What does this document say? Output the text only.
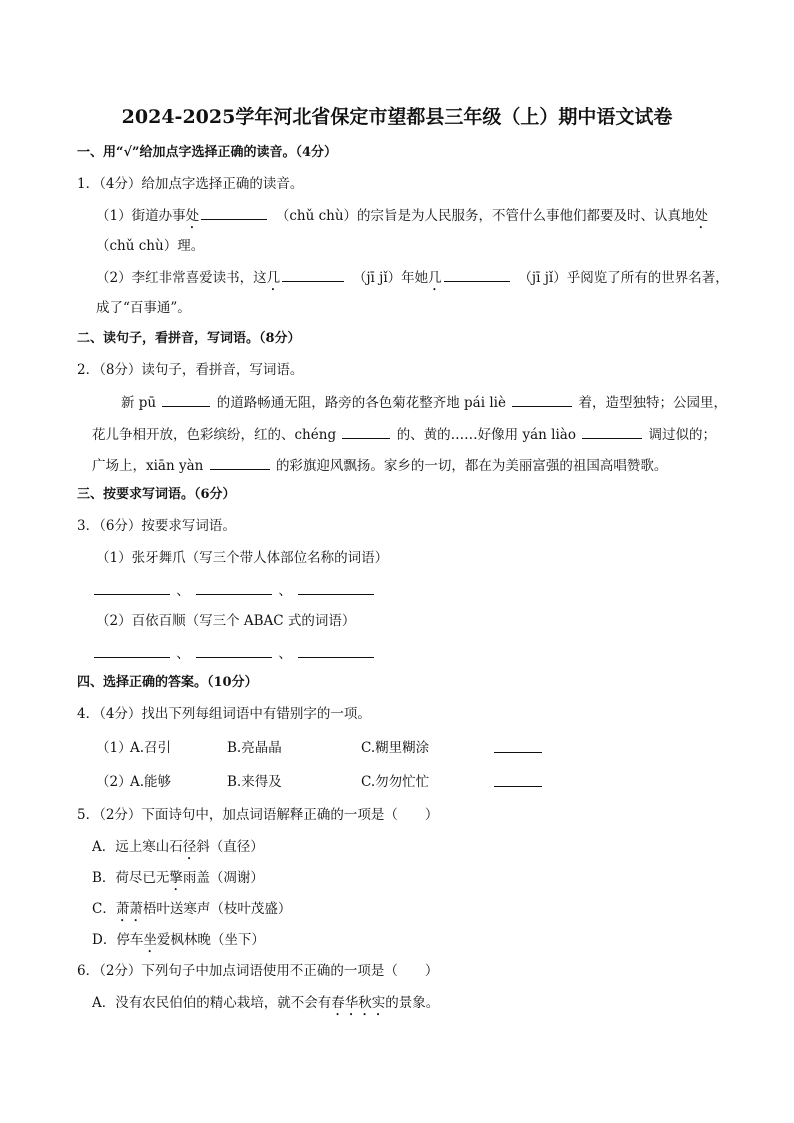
2024-2025学年河北省保定市望都县三年级（上）期中语文试卷
一、用“√”给加点字选择正确的读音。（4分）
1．（4分）给加点字选择正确的读音。
（1）街道办事处　	（chǔ chù）的宗旨是为人民服务，不管什么事他们都要及时、认真地处
（chǔ chù）理。
（2）李红非常喜爱读书，这几　	（jī jǐ）年她几　	（jī jǐ）乎阅览了所有的世界名著，
成了“百事通”。
二、读句子，看拼音，写词语。（8分）
2．（8分）读句子，看拼音，写词语。
新 pū	的道路畅通无阻，路旁的各色菊花整齐地 pái liè	着，造型独特；公园里，
花儿争相开放，色彩缤纷，红的、chéng	的、黄的……好像用 yán liào	调过似的；
广场上，xiān yàn	的彩旗迎风飘扬。家乡的一切，都在为美丽富强的祖国高唱赞歌。
三、按要求写词语。（6分）
3．（6分）按要求写词语。
（1）张牙舞爪（写三个带人体部位名称的词语）
、	、
（2）百依百顺（写三个 ABAC 式的词语）
、	、
四、选择正确的答案。（10分）
4．（4分）找出下列每组词语中有错别字的一项。
（1）
A.召引	B.亮晶晶	C.糊里糊涂
（2）
A.能够	B.来得及	C.勿勿忙忙
5．（2分）下面诗句中，加点词语解释正确的一项是（　　）
A．远上寒山石径斜（直径）
B．荷尽已无擎雨盖（凋谢）
C．萧萧梧叶送寒声（枝叶茂盛）
D．停车坐爱枫林晚（坐下）
6．（2分）下列句子中加点词语使用不正确的一项是（　　）
A．没有农民伯伯的精心栽培，就不会有春华秋实的景象。
